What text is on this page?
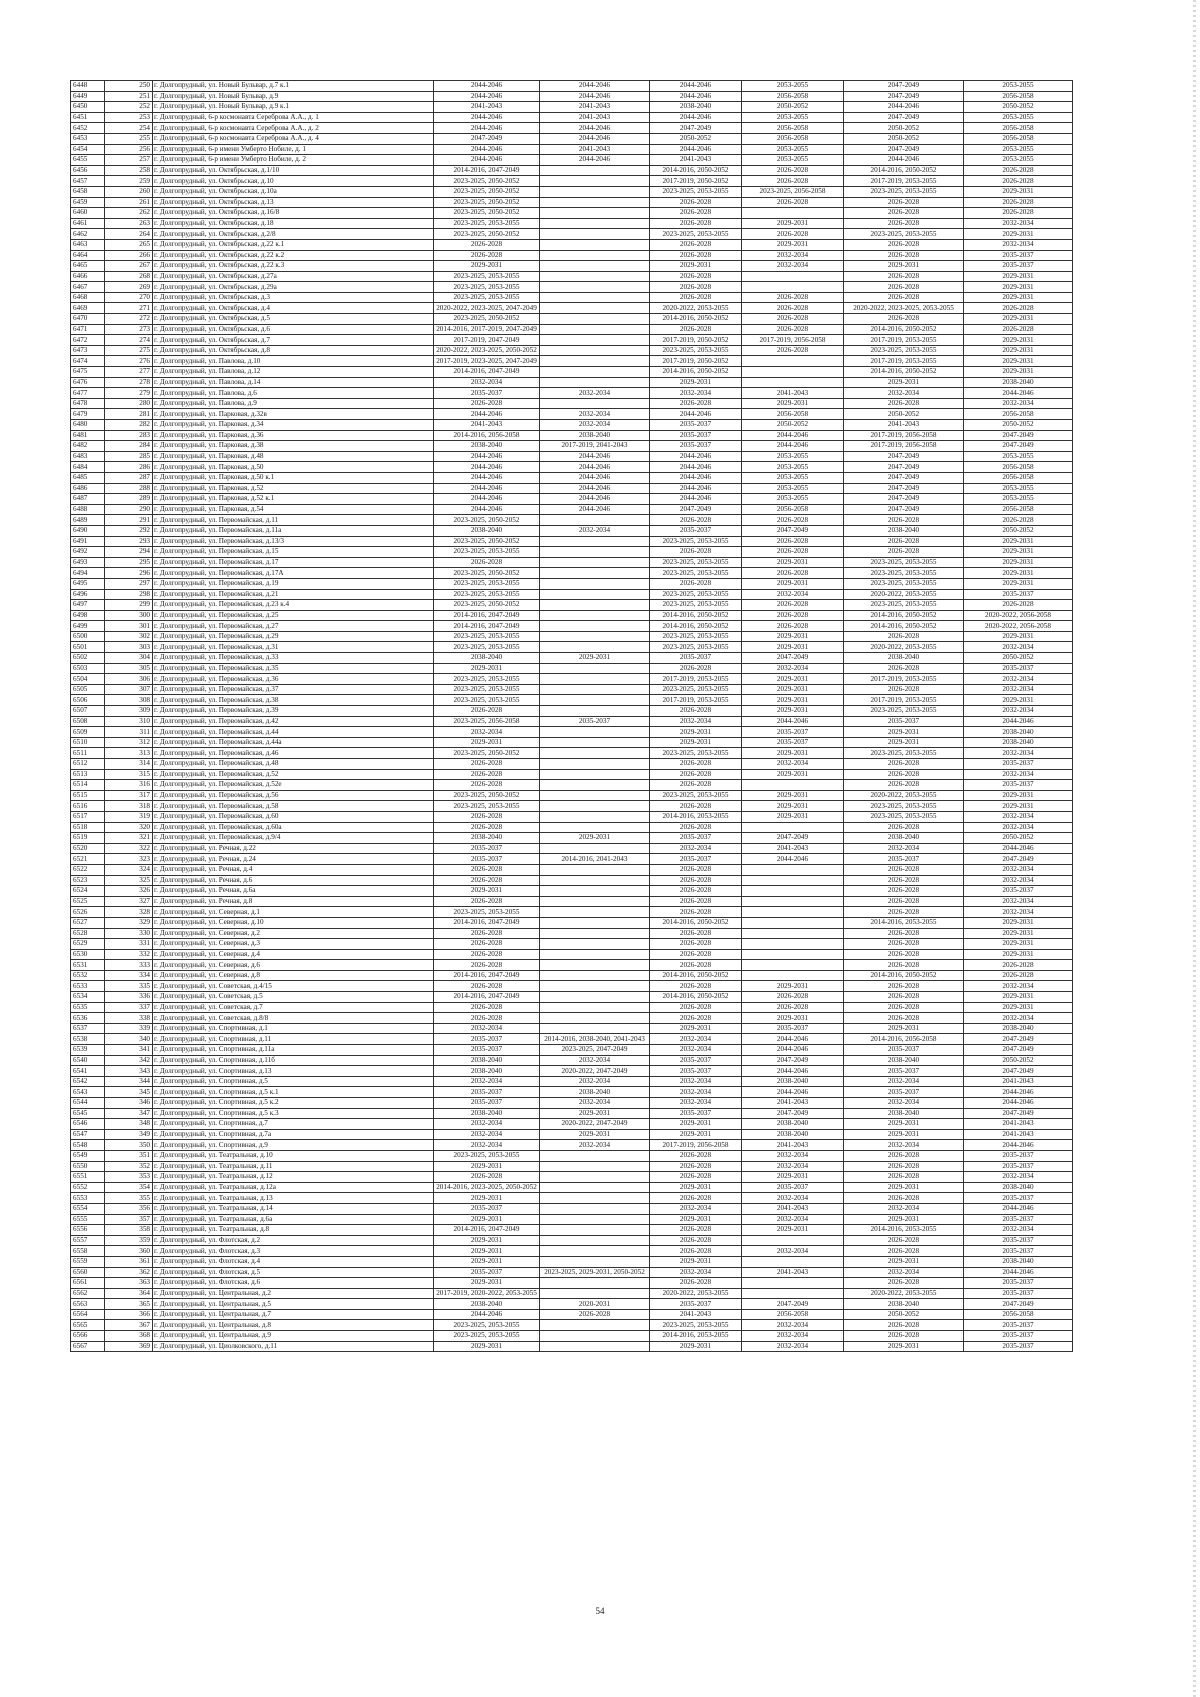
6448	250	г. Долгопрудный, ул. Новый Бульвар, д.7 к.1	2044-2046	2044-2046	2044-2046	2053-2055	2047-2049	2053-2055
6449	251	г. Долгопрудный, ул. Новый Бульвар, д.9	2044-2046	2044-2046	2044-2046	2056-2058	2047-2049	2056-2058
6450	252	г. Долгопрудный, ул. Новый Бульвар, д.9 к.1	2041-2043	2041-2043	2038-2040	2050-2052	2044-2046	2050-2052
6451	253	г. Долгопрудный, 6-р космонавта Сереброва А.А., д. 1	2044-2046	2041-2043	2044-2046	2053-2055	2047-2049	2053-2055
6452	254	г. Долгопрудный, 6-р космонавта Сереброва А.А., д. 2	2044-2046	2044-2046	2047-2049	2056-2058	2050-2052	2056-2058
6453	255	г. Долгопрудный, 6-р космонавта Сереброва А.А., д. 4	2047-2049	2044-2046	2050-2052	2056-2058	2050-2052	2056-2058
6454	256	г. Долгопрудный, 6-р имени Умберто Нобиле, д. 1	2044-2046	2041-2043	2044-2046	2053-2055	2047-2049	2053-2055
6455	257	г. Долгопрудный, 6-р имени Умберто Нобиле, д. 2	2044-2046	2044-2046	2041-2043	2053-2055	2044-2046	2053-2055
6456	258	г. Долгопрудный, ул. Октябрьская, д.1/10	2014-2016, 2047-2049		2014-2016, 2050-2052	2026-2028	2014-2016, 2050-2052	2026-2028
6457	259	г. Долгопрудный, ул. Октябрьская, д.10	2023-2025, 2050-2052		2017-2019, 2050-2052	2026-2028	2017-2019, 2053-2055	2026-2028
6458	260	г. Долгопрудный, ул. Октябрьская, д.10а	2023-2025, 2050-2052		2023-2025, 2053-2055	2023-2025, 2056-2058	2023-2025, 2053-2055	2029-2031
6459	261	г. Долгопрудный, ул. Октябрьская, д.13	2023-2025, 2050-2052		2026-2028	2026-2028	2026-2028	2026-2028
6460	262	г. Долгопрудный, ул. Октябрьская, д.16/8	2023-2025, 2050-2052		2026-2028		2026-2028	2026-2028
6461	263	г. Долгопрудный, ул. Октябрьская, д.18	2023-2025, 2053-2055		2026-2028	2029-2031	2026-2028	2032-2034
6462	264	г. Долгопрудный, ул. Октябрьская, д.2/8	2023-2025, 2050-2052		2023-2025, 2053-2055	2026-2028	2023-2025, 2053-2055	2029-2031
6463	265	г. Долгопрудный, ул. Октябрьская, д.22 к.1	2026-2028		2026-2028	2029-2031	2026-2028	2032-2034
6464	266	г. Долгопрудный, ул. Октябрьская, д.22 к.2	2026-2028		2026-2028	2032-2034	2026-2028	2035-2037
6465	267	г. Долгопрудный, ул. Октябрьская, д.22 к.3	2029-2031		2029-2031	2032-2034	2029-2031	2035-2037
6466	268	г. Долгопрудный, ул. Октябрьская, д.27а	2023-2025, 2053-2055		2026-2028		2026-2028	2029-2031
6467	269	г. Долгопрудный, ул. Октябрьская, д.29а	2023-2025, 2053-2055		2026-2028		2026-2028	2029-2031
6468	270	г. Долгопрудный, ул. Октябрьская, д.3	2023-2025, 2053-2055		2026-2028	2026-2028	2026-2028	2029-2031
6469	271	г. Долгопрудный, ул. Октябрьская, д.4	2020-2022, 2023-2025, 2047-2049		2020-2022, 2053-2055	2026-2028	2020-2022, 2023-2025, 2053-2055	2026-2028
6470	272	г. Долгопрудный, ул. Октябрьская, д.5	2023-2025, 2050-2052		2014-2016, 2050-2052	2026-2028	2026-2028	2029-2031
6471	273	г. Долгопрудный, ул. Октябрьская, д.6	2014-2016, 2017-2019, 2047-2049		2026-2028	2026-2028	2014-2016, 2050-2052	2026-2028
6472	274	г. Долгопрудный, ул. Октябрьская, д.7	2017-2019, 2047-2049		2017-2019, 2050-2052	2017-2019, 2056-2058	2017-2019, 2053-2055	2029-2031
6473	275	г. Долгопрудный, ул. Октябрьская, д.8	2020-2022, 2023-2025, 2050-2052		2023-2025, 2053-2055	2026-2028	2023-2025, 2053-2055	2029-2031
6474	276	г. Долгопрудный, ул. Павлова, д.10	2017-2019, 2023-2025, 2047-2049		2017-2019, 2050-2052		2017-2019, 2053-2055	2029-2031
6475	277	г. Долгопрудный, ул. Павлова, д.12	2014-2016, 2047-2049		2014-2016, 2050-2052		2014-2016, 2050-2052	2029-2031
6476	278	г. Долгопрудный, ул. Павлова, д.14	2032-2034		2029-2031		2029-2031	2038-2040
6477	279	г. Долгопрудный, ул. Павлова, д.6	2035-2037	2032-2034	2032-2034	2041-2043	2032-2034	2044-2046
6478	280	г. Долгопрудный, ул. Павлова, д.9	2026-2028		2026-2028	2029-2031	2026-2028	2032-2034
6479	281	г. Долгопрудный, ул. Парковая, д.32в	2044-2046	2032-2034	2044-2046	2056-2058	2050-2052	2056-2058
6480	282	г. Долгопрудный, ул. Парковая, д.34	2041-2043	2032-2034	2035-2037	2050-2052	2041-2043	2050-2052
6481	283	г. Долгопрудный, ул. Парковая, д.36	2014-2016, 2056-2058	2038-2040	2035-2037	2044-2046	2017-2019, 2056-2058	2047-2049
6482	284	г. Долгопрудный, ул. Парковая, д.38	2038-2040	2017-2019, 2041-2043	2035-2037	2044-2046	2017-2019, 2056-2058	2047-2049
6483	285	г. Долгопрудный, ул. Парковая, д.48	2044-2046	2044-2046	2044-2046	2053-2055	2047-2049	2053-2055
6484	286	г. Долгопрудный, ул. Парковая, д.50	2044-2046	2044-2046	2044-2046	2053-2055	2047-2049	2056-2058
6485	287	г. Долгопрудный, ул. Парковая, д.50 к.1	2044-2046	2044-2046	2044-2046	2053-2055	2047-2049	2056-2058
6486	288	г. Долгопрудный, ул. Парковая, д.52	2044-2046	2044-2046	2044-2046	2053-2055	2047-2049	2053-2055
6487	289	г. Долгопрудный, ул. Парковая, д.52 к.1	2044-2046	2044-2046	2044-2046	2053-2055	2047-2049	2053-2055
6488	290	г. Долгопрудный, ул. Парковая, д.54	2044-2046	2044-2046	2047-2049	2056-2058	2047-2049	2056-2058
6489	291	г. Долгопрудный, ул. Первомайская, д.11	2023-2025, 2050-2052		2026-2028	2026-2028	2026-2028	2026-2028
6490	292	г. Долгопрудный, ул. Первомайская, д.11а	2038-2040	2032-2034	2035-2037	2047-2049	2038-2040	2050-2052
6491	293	г. Долгопрудный, ул. Первомайская, д.13/3	2023-2025, 2050-2052		2023-2025, 2053-2055	2026-2028	2026-2028	2029-2031
6492	294	г. Долгопрудный, ул. Первомайская, д.15	2023-2025, 2053-2055		2026-2028	2026-2028	2026-2028	2029-2031
6493	295	г. Долгопрудный, ул. Первомайская, д.17	2026-2028		2023-2025, 2053-2055	2029-2031	2023-2025, 2053-2055	2029-2031
6494	296	г. Долгопрудный, ул. Первомайская, д.17А	2023-2025, 2050-2052		2023-2025, 2053-2055	2026-2028	2023-2025, 2053-2055	2029-2031
6495	297	г. Долгопрудный, ул. Первомайская, д.19	2023-2025, 2053-2055		2026-2028	2029-2031	2023-2025, 2053-2055	2029-2031
6496	298	г. Долгопрудный, ул. Первомайская, д.21	2023-2025, 2053-2055		2023-2025, 2053-2055	2032-2034	2020-2022, 2053-2055	2035-2037
6497	299	г. Долгопрудный, ул. Первомайская, д.23 к.4	2023-2025, 2050-2052		2023-2025, 2053-2055	2026-2028	2023-2025, 2053-2055	2026-2028
6498	300	г. Долгопрудный, ул. Первомайская, д.25	2014-2016, 2047-2049		2014-2016, 2050-2052	2026-2028	2014-2016, 2050-2052	2020-2022, 2056-2058
6499	301	г. Долгопрудный, ул. Первомайская, д.27	2014-2016, 2047-2049		2014-2016, 2050-2052	2026-2028	2014-2016, 2050-2052	2020-2022, 2056-2058
6500	302	г. Долгопрудный, ул. Первомайская, д.29	2023-2025, 2053-2055		2023-2025, 2053-2055	2029-2031	2026-2028	2029-2031
6501	303	г. Долгопрудный, ул. Первомайская, д.31	2023-2025, 2053-2055		2023-2025, 2053-2055	2029-2031	2020-2022, 2053-2055	2032-2034
6502	304	г. Долгопрудный, ул. Первомайская, д.33	2038-2040	2029-2031	2035-2037	2047-2049	2038-2040	2050-2052
6503	305	г. Долгопрудный, ул. Первомайская, д.35	2029-2031		2026-2028	2032-2034	2026-2028	2035-2037
6504	306	г. Долгопрудный, ул. Первомайская, д.36	2023-2025, 2053-2055		2017-2019, 2053-2055	2029-2031	2017-2019, 2053-2055	2032-2034
6505	307	г. Долгопрудный, ул. Первомайская, д.37	2023-2025, 2053-2055		2023-2025, 2053-2055	2029-2031	2026-2028	2032-2034
6506	308	г. Долгопрудный, ул. Первомайская, д.38	2023-2025, 2053-2055		2017-2019, 2053-2055	2029-2031	2017-2019, 2053-2055	2029-2031
6507	309	г. Долгопрудный, ул. Первомайская, д.39	2026-2028		2026-2028	2029-2031	2023-2025, 2053-2055	2032-2034
6508	310	г. Долгопрудный, ул. Первомайская, д.42	2023-2025, 2056-2058	2035-2037	2032-2034	2044-2046	2035-2037	2044-2046
6509	311	г. Долгопрудный, ул. Первомайская, д.44	2032-2034		2029-2031	2035-2037	2029-2031	2038-2040
6510	312	г. Долгопрудный, ул. Первомайская, д.44а	2029-2031		2029-2031	2035-2037	2029-2031	2038-2040
6511	313	г. Долгопрудный, ул. Первомайская, д.46	2023-2025, 2050-2052		2023-2025, 2053-2055	2029-2031	2023-2025, 2053-2055	2032-2034
6512	314	г. Долгопрудный, ул. Первомайская, д.48	2026-2028		2026-2028	2032-2034	2026-2028	2035-2037
6513	315	г. Долгопрудный, ул. Первомайская, д.52	2026-2028		2026-2028	2029-2031	2026-2028	2032-2034
6514	316	г. Долгопрудный, ул. Первомайская, д.52е	2026-2028		2026-2028		2026-2028	2035-2037
6515	317	г. Долгопрудный, ул. Первомайская, д.56	2023-2025, 2050-2052		2023-2025, 2053-2055	2029-2031	2020-2022, 2053-2055	2029-2031
6516	318	г. Долгопрудный, ул. Первомайская, д.58	2023-2025, 2053-2055		2026-2028	2029-2031	2023-2025, 2053-2055	2029-2031
6517	319	г. Долгопрудный, ул. Первомайская, д.60	2026-2028		2014-2016, 2053-2055	2029-2031	2023-2025, 2053-2055	2032-2034
6518	320	г. Долгопрудный, ул. Первомайская, д.60а	2026-2028		2026-2028		2026-2028	2032-2034
6519	321	г. Долгопрудный, ул. Первомайская, д.9/4	2038-2040	2029-2031	2035-2037	2047-2049	2038-2040	2050-2052
6520	322	г. Долгопрудный, ул. Речная, д.22	2035-2037		2032-2034	2041-2043	2032-2034	2044-2046
6521	323	г. Долгопрудный, ул. Речная, д.24	2035-2037	2014-2016, 2041-2043	2035-2037	2044-2046	2035-2037	2047-2049
6522	324	г. Долгопрудный, ул. Речная, д.4	2026-2028		2026-2028		2026-2028	2032-2034
6523	325	г. Долгопрудный, ул. Речная, д.6	2026-2028		2026-2028		2026-2028	2032-2034
6524	326	г. Долгопрудный, ул. Речная, д.6а	2029-2031		2026-2028		2026-2028	2035-2037
6525	327	г. Долгопрудный, ул. Речная, д.8	2026-2028		2026-2028		2026-2028	2032-2034
6526	328	г. Долгопрудный, ул. Северная, д.1	2023-2025, 2053-2055		2026-2028		2026-2028	2032-2034
6527	329	г. Долгопрудный, ул. Северная, д.10	2014-2016, 2047-2049		2014-2016, 2050-2052		2014-2016, 2053-2055	2029-2031
6528	330	г. Долгопрудный, ул. Северная, д.2	2026-2028		2026-2028		2026-2028	2029-2031
6529	331	г. Долгопрудный, ул. Северная, д.3	2026-2028		2026-2028		2026-2028	2029-2031
6530	332	г. Долгопрудный, ул. Северная, д.4	2026-2028		2026-2028		2026-2028	2029-2031
6531	333	г. Долгопрудный, ул. Северная, д.6	2026-2028		2026-2028		2026-2028	2026-2028
6532	334	г. Долгопрудный, ул. Северная, д.8	2014-2016, 2047-2049		2014-2016, 2050-2052		2014-2016, 2050-2052	2026-2028
6533	335	г. Долгопрудный, ул. Советская, д.4/15	2026-2028		2026-2028	2029-2031	2026-2028	2032-2034
6534	336	г. Долгопрудный, ул. Советская, д.5	2014-2016, 2047-2049		2014-2016, 2050-2052	2026-2028	2026-2028	2029-2031
6535	337	г. Долгопрудный, ул. Советская, д.7	2026-2028		2026-2028	2026-2028	2026-2028	2029-2031
6536	338	г. Долгопрудный, ул. Советская, д.8/8	2026-2028		2026-2028	2029-2031	2026-2028	2032-2034
6537	339	г. Долгопрудный, ул. Спортивная, д.1	2032-2034		2029-2031	2035-2037	2029-2031	2038-2040
6538	340	г. Долгопрудный, ул. Спортивная, д.11	2035-2037	2014-2016, 2038-2040, 2041-2043	2032-2034	2044-2046	2014-2016, 2056-2058	2047-2049
6539	341	г. Долгопрудный, ул. Спортивная, д.11а	2035-2037	2023-2025, 2047-2049	2032-2034	2044-2046	2035-2037	2047-2049
6540	342	г. Долгопрудный, ул. Спортивная, д.11б	2038-2040	2032-2034	2035-2037	2047-2049	2038-2040	2050-2052
6541	343	г. Долгопрудный, ул. Спортивная, д.13	2038-2040	2020-2022, 2047-2049	2035-2037	2044-2046	2035-2037	2047-2049
6542	344	г. Долгопрудный, ул. Спортивная, д.5	2032-2034	2032-2034	2032-2034	2038-2040	2032-2034	2041-2043
6543	345	г. Долгопрудный, ул. Спортивная, д.5 к.1	2035-2037	2038-2040	2032-2034	2044-2046	2035-2037	2044-2046
6544	346	г. Долгопрудный, ул. Спортивная, д.5 к.2	2035-2037	2032-2034	2032-2034	2041-2043	2032-2034	2044-2046
6545	347	г. Долгопрудный, ул. Спортивная, д.5 к.3	2038-2040	2029-2031	2035-2037	2047-2049	2038-2040	2047-2049
6546	348	г. Долгопрудный, ул. Спортивная, д.7	2032-2034	2020-2022, 2047-2049	2029-2031	2038-2040	2029-2031	2041-2043
6547	349	г. Долгопрудный, ул. Спортивная, д.7а	2032-2034	2029-2031	2029-2031	2038-2040	2029-2031	2041-2043
6548	350	г. Долгопрудный, ул. Спортивная, д.9	2032-2034	2032-2034	2017-2019, 2056-2058	2041-2043	2032-2034	2044-2046
6549	351	г. Долгопрудный, ул. Театральная, д.10	2023-2025, 2053-2055		2026-2028	2032-2034	2026-2028	2035-2037
6550	352	г. Долгопрудный, ул. Театральная, д.11	2029-2031		2026-2028	2032-2034	2026-2028	2035-2037
6551	353	г. Долгопрудный, ул. Театральная, д.12	2026-2028		2026-2028	2029-2031	2026-2028	2032-2034
6552	354	г. Долгопрудный, ул. Театральная, д.12а	2014-2016, 2023-2025, 2050-2052		2029-2031	2035-2037	2029-2031	2038-2040
6553	355	г. Долгопрудный, ул. Театральная, д.13	2029-2031		2026-2028	2032-2034	2026-2028	2035-2037
6554	356	г. Долгопрудный, ул. Театральная, д.14	2035-2037		2032-2034	2041-2043	2032-2034	2044-2046
6555	357	г. Долгопрудный, ул. Театральная, д.6а	2029-2031		2029-2031	2032-2034	2029-2031	2035-2037
6556	358	г. Долгопрудный, ул. Театральная, д.8	2014-2016, 2047-2049		2026-2028	2029-2031	2014-2016, 2053-2055	2032-2034
6557	359	г. Долгопрудный, ул. Флотская, д.2	2029-2031		2026-2028		2026-2028	2035-2037
6558	360	г. Долгопрудный, ул. Флотская, д.3	2029-2031		2026-2028	2032-2034	2026-2028	2035-2037
6559	361	г. Долгопрудный, ул. Флотская, д.4	2029-2031		2029-2031		2029-2031	2038-2040
6560	362	г. Долгопрудный, ул. Флотская, д.5	2035-2037	2023-2025, 2029-2031, 2050-2052	2032-2034	2041-2043	2032-2034	2044-2046
6561	363	г. Долгопрудный, ул. Флотская, д.6	2029-2031		2026-2028		2026-2028	2035-2037
6562	364	г. Долгопрудный, ул. Центральная, д.2	2017-2019, 2020-2022, 2053-2055		2020-2022, 2053-2055		2020-2022, 2053-2055	2035-2037
6563	365	г. Долгопрудный, ул. Центральная, д.5	2038-2040	2020-2031	2035-2037	2047-2049	2038-2040	2047-2049
6564	366	г. Долгопрудный, ул. Центральная, д.7	2044-2046	2026-2028	2041-2043	2056-2058	2050-2052	2056-2058
6565	367	г. Долгопрудный, ул. Центральная, д.8	2023-2025, 2053-2055		2023-2025, 2053-2055	2032-2034	2026-2028	2035-2037
6566	368	г. Долгопрудный, ул. Центральная, д.9	2023-2025, 2053-2055		2014-2016, 2053-2055	2032-2034	2026-2028	2035-2037
6567	369	г. Долгопрудный, ул. Циолковского, д.11	2029-2031		2029-2031	2032-2034	2029-2031	2035-2037
54
